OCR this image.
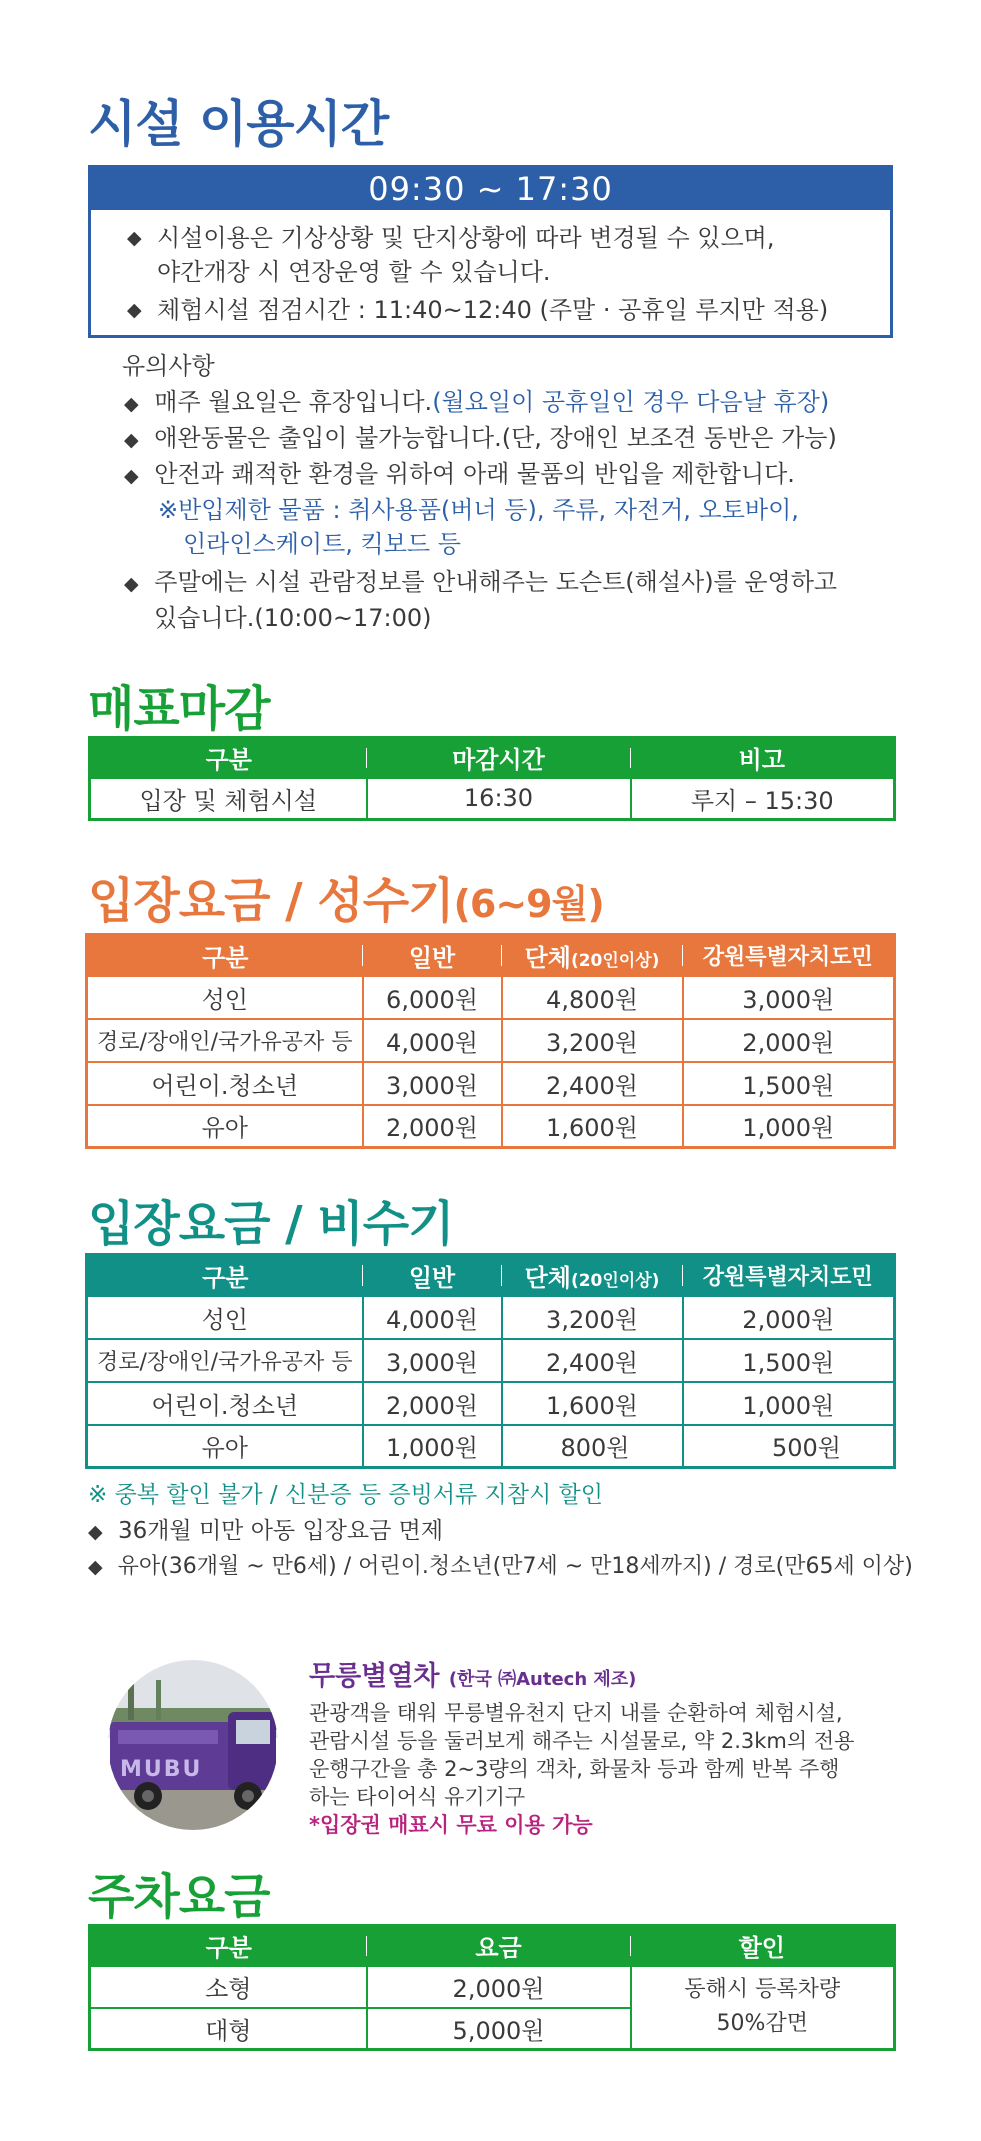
시설 이용시간
09:30 ~ 17:30
◆ 시설이용은 기상상황 및 단지상황에 따라 변경될 수 있으며,
야간개장 시 연장운영 할 수 있습니다.
◆ 체험시설 점검시간 : 11:40~12:40 (주말 · 공휴일 루지만 적용)
유의사항
◆ 매주 월요일은 휴장입니다.(월요일이 공휴일인 경우 다음날 휴장)
◆ 애완동물은 출입이 불가능합니다.(단, 장애인 보조견 동반은 가능)
◆ 안전과 쾌적한 환경을 위하여 아래 물품의 반입을 제한합니다.
※반입제한 물품 : 취사용품(버너 등), 주류, 자전거, 오토바이,
인라인스케이트, 킥보드 등
◆ 주말에는 시설 관람정보를 안내해주는 도슨트(해설사)를 운영하고
있습니다.(10:00~17:00)
매표마감
구분	마감시간	비고
입장 및 체험시설	16:30	루지 – 15:30
입장요금 / 성수기(6~9월)
구분	일반	단체(20인이상)	강원특별자치도민
성인	6,000원	4,800원	3,000원
경로/장애인/국가유공자 등	4,000원	3,200원	2,000원
어린이.청소년	3,000원	2,400원	1,500원
유아	2,000원	1,600원	1,000원
입장요금 / 비수기
구분	일반	단체(20인이상)	강원특별자치도민
성인	4,000원	3,200원	2,000원
경로/장애인/국가유공자 등	3,000원	2,400원	1,500원
어린이.청소년	2,000원	1,600원	1,000원
유아	1,000원	800원	500원
※ 중복 할인 불가 / 신분증 등 증빙서류 지참시 할인
◆ 36개월 미만 아동 입장요금 면제
◆ 유아(36개월 ~ 만6세) / 어린이.청소년(만7세 ~ 만18세까지) / 경로(만65세 이상)
MUBU
무릉별열차 (한국 ㈜Autech 제조)
관광객을 태워 무릉별유천지 단지 내를 순환하여 체험시설,
관람시설 등을 둘러보게 해주는 시설물로, 약 2.3km의 전용
운행구간을 총 2~3량의 객차, 화물차 등과 함께 반복 주행
하는 타이어식 유기기구
*입장권 매표시 무료 이용 가능
주차요금
구분	요금	할인
소형	2,000원	동해시 등록차량
50%감면

대형	5,000원	
